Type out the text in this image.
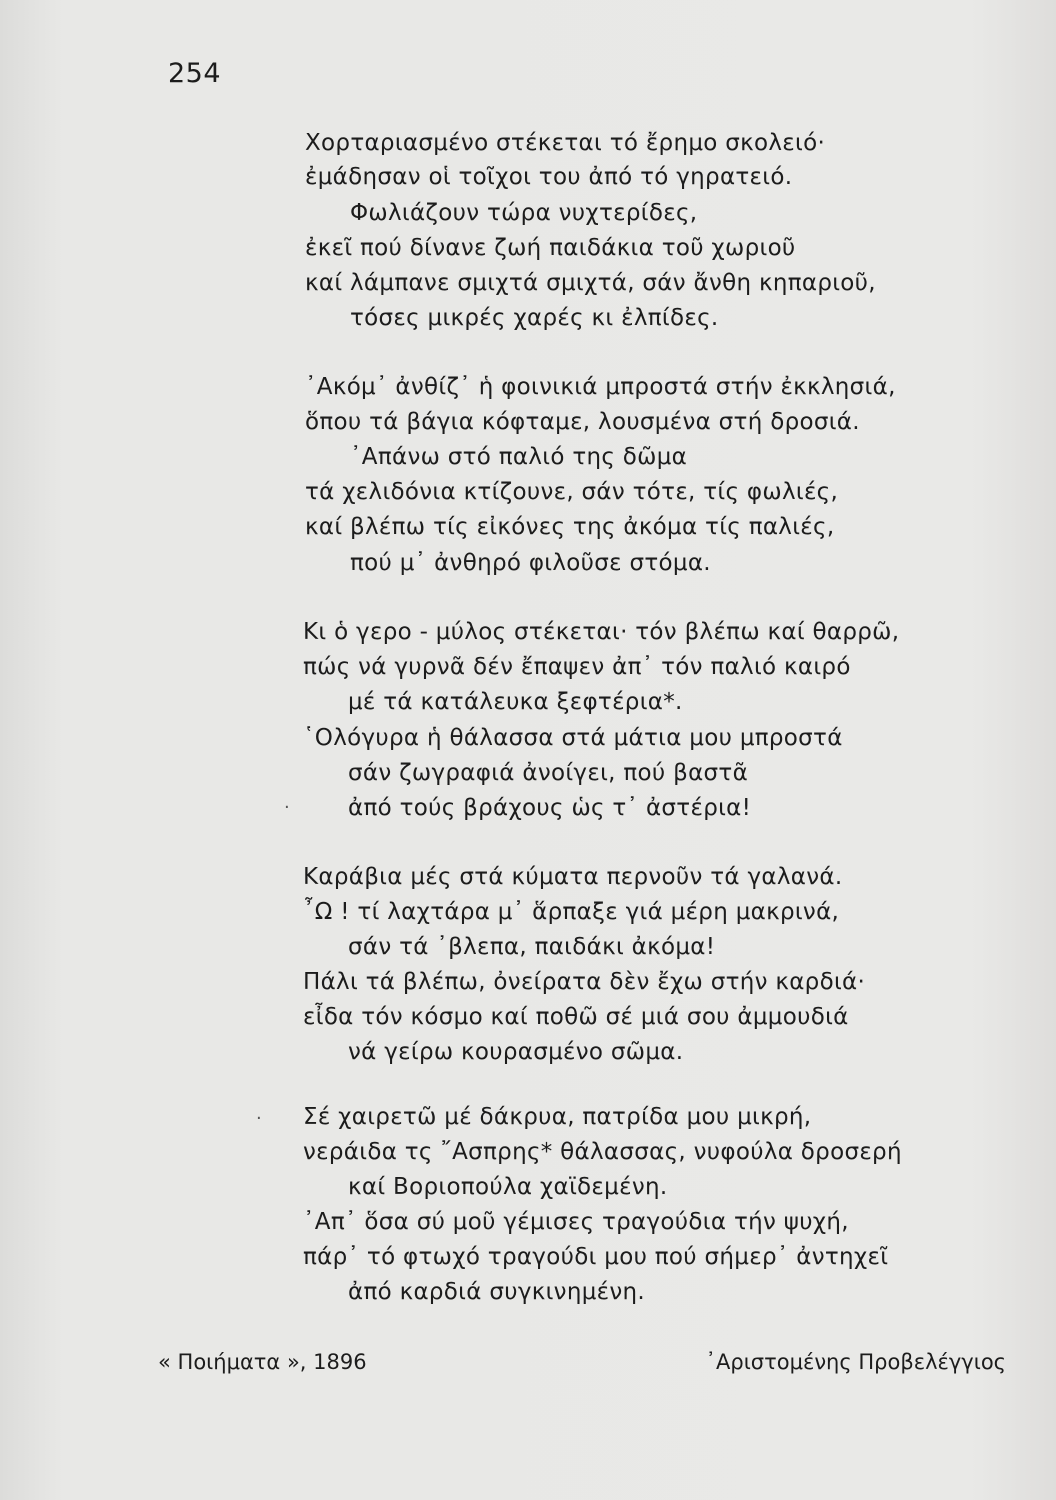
254
Χορταριασμένο στέκεται τό ἔρημο σκολειό·
ἐμάδησαν οἱ τοῖχοι του ἀπό τό γηρατειό.
Φωλιάζουν τώρα νυχτερίδες,
ἐκεῖ πού δίνανε ζωή παιδάκια τοῦ χωριοῦ
καί λάμπανε σμιχτά σμιχτά, σάν ἄνθη κηπαριοῦ,
τόσες μικρές χαρές κι ἐλπίδες.
᾿Ακόμ᾿ ἀνθίζ᾿ ἡ φοινικιά μπροστά στήν ἐκκλησιά,
ὅπου τά βάγια κόφταμε, λουσμένα στή δροσιά.
᾿Απάνω στό παλιό της δῶμα
τά χελιδόνια κτίζουνε, σάν τότε, τίς φωλιές,
καί βλέπω τίς εἰκόνες της ἀκόμα τίς παλιές,
πού μ᾿ ἀνθηρό φιλοῦσε στόμα.
Κι ὁ γερο - μύλος στέκεται· τόν βλέπω καί θαρρῶ,
πώς νά γυρνᾶ δέν ἔπαψεν ἀπ᾿ τόν παλιό καιρό
μέ τά κατάλευκα ξεφτέρια*.
῾Ολόγυρα ἡ θάλασσα στά μάτια μου μπροστά
σάν ζωγραφιά ἀνοίγει, πού βαστᾶ
ἀπό τούς βράχους ὡς τ᾿ ἀστέρια!
·
Καράβια μές στά κύματα περνοῦν τά γαλανά.
῏Ω ! τί λαχτάρα μ᾿ ἅρπαξε γιά μέρη μακρινά,
σάν τά ᾿βλεπα, παιδάκι ἀκόμα!
Πάλι τά βλέπω, ὀνείρατα δὲν ἔχω στήν καρδιά·
εἶδα τόν κόσμο καί ποθῶ σέ μιά σου ἀμμουδιά
νά γείρω κουρασμένο σῶμα.
Σέ χαιρετῶ μέ δάκρυα, πατρίδα μου μικρή,
νεράιδα τς ῎Ασπρης* θάλασσας, νυφούλα δροσερή
καί Βοριοπούλα χαϊδεμένη.
᾿Απ᾿ ὅσα σύ μοῦ γέμισες τραγούδια τήν ψυχή,
πάρ᾿ τό φτωχό τραγούδι μου πού σήμερ᾿ ἀντηχεῖ
ἀπό καρδιά συγκινημένη.
·
« Ποιήματα », 1896	᾿Αριστομένης Προβελέγγιος
